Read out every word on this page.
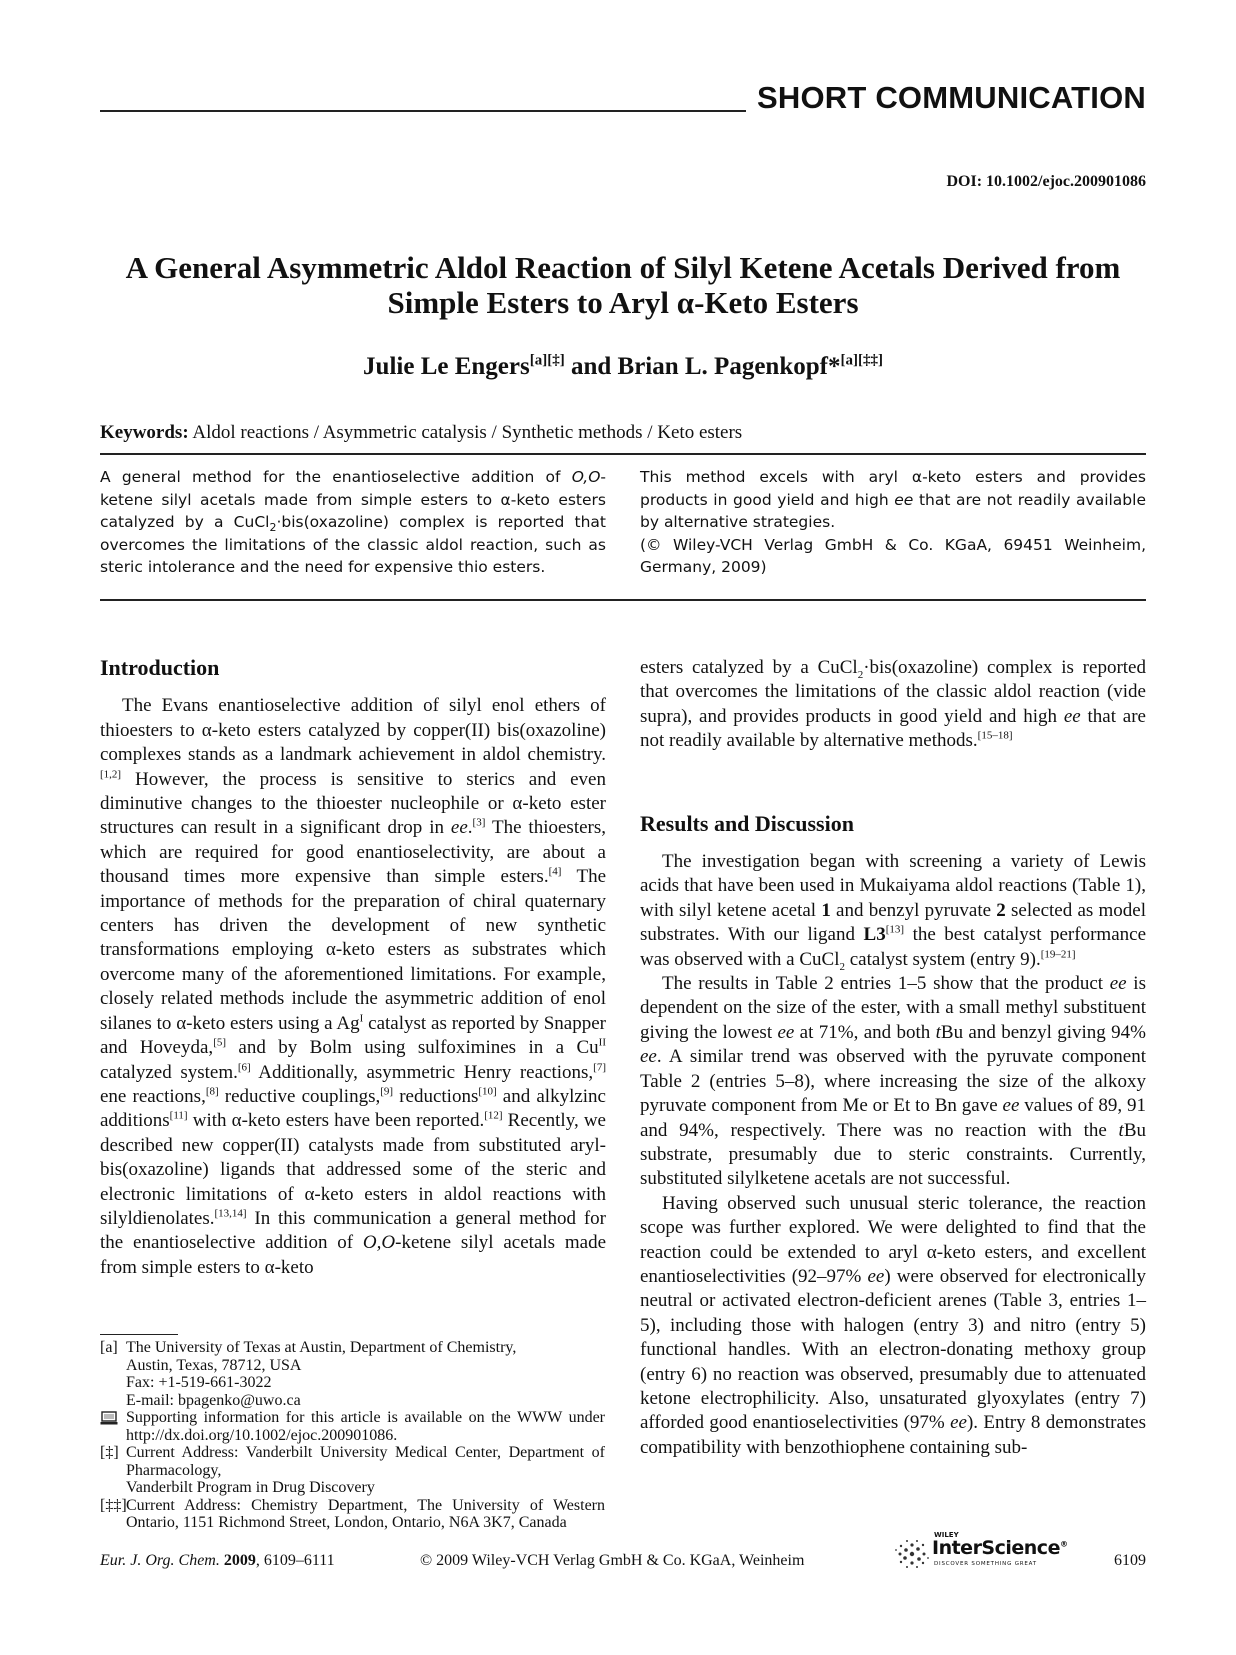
SHORT COMMUNICATION
DOI: 10.1002/ejoc.200901086
A General Asymmetric Aldol Reaction of Silyl Ketene Acetals Derived from
Simple Esters to Aryl α-Keto Esters
Julie Le Engers[a][‡] and Brian L. Pagenkopf*[a][‡‡]
Keywords: Aldol reactions / Asymmetric catalysis / Synthetic methods / Keto esters
A general method for the enantioselective addition of O,O-ketene silyl acetals made from simple esters to α-keto esters catalyzed by a CuCl$_2$·bis(oxazoline) complex is reported that overcomes the limitations of the classic aldol reaction, such as steric intolerance and the need for expensive thio esters.
This method excels with aryl α-keto esters and provides products in good yield and high ee that are not readily available by alternative strategies.
(© Wiley-VCH Verlag GmbH & Co. KGaA, 69451 Weinheim, Germany, 2009)
Introduction

The Evans enantioselective addition of silyl enol ethers of thioesters to α-keto esters catalyzed by copper(II) bis(oxazoline) complexes stands as a landmark achievement in aldol chemistry.[1,2] However, the process is sensitive to sterics and even diminutive changes to the thioester nucleophile or α-keto ester structures can result in a significant drop in ee.[3] The thioesters, which are required for good enantioselectivity, are about a thousand times more expensive than simple esters.[4] The importance of methods for the preparation of chiral quaternary centers has driven the development of new synthetic transformations employing α-keto esters as substrates which overcome many of the aforementioned limitations. For example, closely related methods include the asymmetric addition of enol silanes to α-keto esters using a $Ag^I$ catalyst as reported by Snapper and Hoveyda,[5] and by Bolm using sulfoximines in a $Cu^{II}$ catalyzed system.[6] Additionally, asymmetric Henry reactions,[7] ene reactions,[8] reductive couplings,[9] reductions[10] and alkylzinc additions[11] with α-keto esters have been reported.[12] Recently, we described new copper(II) catalysts made from substituted aryl-bis(oxazoline) ligands that addressed some of the steric and electronic limitations of α-keto esters in aldol reactions with silyldienolates.[13,14] In this communication a general method for the enantioselective addition of O,O-ketene silyl acetals made from simple esters to α-keto

[a] The University of Texas at Austin, Department of Chemistry,
Austin, Texas, 78712, USA
Fax: +1-519-661-3022
E-mail: bpagenko@uwo.ca
Supporting information for this article is available on the WWW under http://dx.doi.org/10.1002/ejoc.200901086.
[‡] Current Address: Vanderbilt University Medical Center, Department of Pharmacology,
Vanderbilt Program in Drug Discovery
[‡‡] Current Address: Chemistry Department, The University of Western Ontario, 1151 Richmond Street, London, Ontario, N6A 3K7, Canada

esters catalyzed by a CuCl$_2$·bis(oxazoline) complex is reported that overcomes the limitations of the classic aldol reaction (vide supra), and provides products in good yield and high ee that are not readily available by alternative methods.[15–18]

Results and Discussion

The investigation began with screening a variety of Lewis acids that have been used in Mukaiyama aldol reactions (Table 1), with silyl ketene acetal 1 and benzyl pyruvate 2 selected as model substrates. With our ligand L3[13] the best catalyst performance was observed with a CuCl$_2$ catalyst system (entry 9).[19–21]

The results in Table 2 entries 1–5 show that the product ee is dependent on the size of the ester, with a small methyl substituent giving the lowest ee at 71%, and both tBu and benzyl giving 94% ee. A similar trend was observed with the pyruvate component Table 2 (entries 5–8), where increasing the size of the alkoxy pyruvate component from Me or Et to Bn gave ee values of 89, 91 and 94%, respectively. There was no reaction with the tBu substrate, presumably due to steric constraints. Currently, substituted silylketene acetals are not successful.

Having observed such unusual steric tolerance, the reaction scope was further explored. We were delighted to find that the reaction could be extended to aryl α-keto esters, and excellent enantioselectivities (92–97% ee) were observed for electronically neutral or activated electron-deficient arenes (Table 3, entries 1–5), including those with halogen (entry 3) and nitro (entry 5) functional handles. With an electron-donating methoxy group (entry 6) no reaction was observed, presumably due to attenuated ketone electrophilicity. Also, unsaturated glyoxylates (entry 7) afforded good enantioselectivities (97% ee). Entry 8 demonstrates compatibility with benzothiophene containing sub-

Eur. J. Org. Chem. 2009, 6109–6111	© 2009 Wiley-VCH Verlag GmbH & Co. KGaA, Weinheim
WILEY
InterScience®
DISCOVER SOMETHING GREAT	6109
